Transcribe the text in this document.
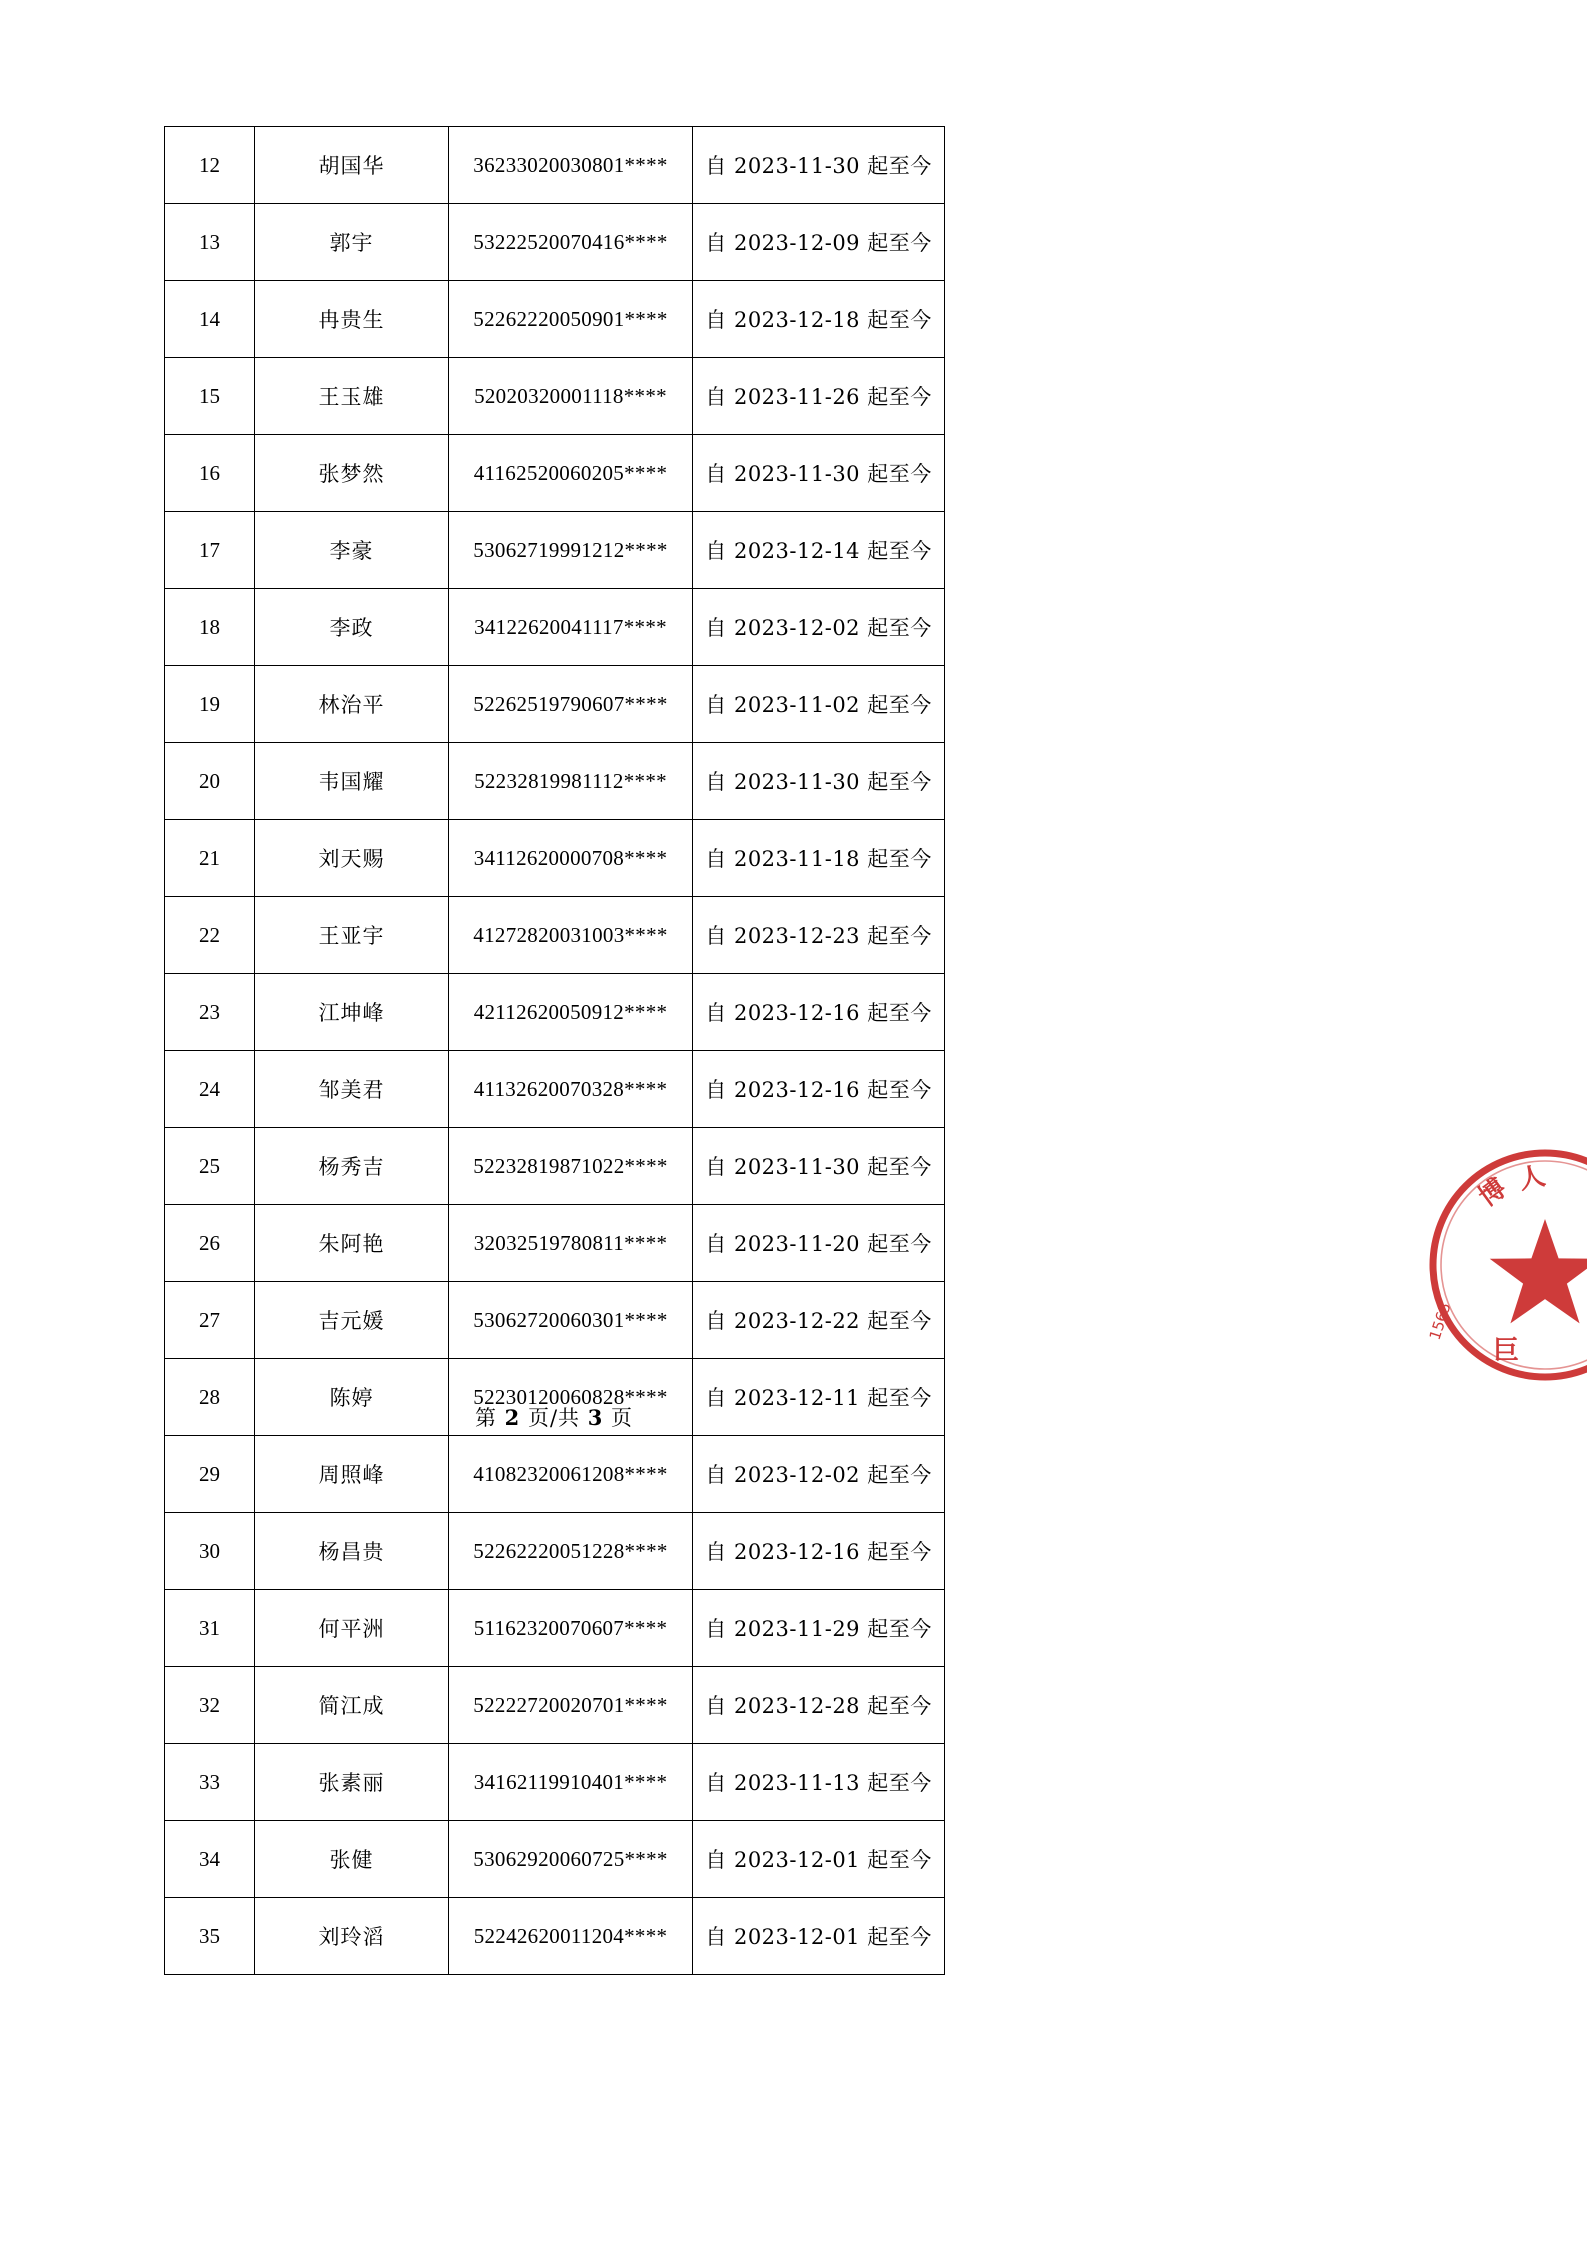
12	胡国华	36233020030801****	自 2023-11-30 起至今
13	郭宇	53222520070416****	自 2023-12-09 起至今
14	冉贵生	52262220050901****	自 2023-12-18 起至今
15	王玉雄	52020320001118****	自 2023-11-26 起至今
16	张梦然	41162520060205****	自 2023-11-30 起至今
17	李豪	53062719991212****	自 2023-12-14 起至今
18	李政	34122620041117****	自 2023-12-02 起至今
19	林治平	52262519790607****	自 2023-11-02 起至今
20	韦国耀	52232819981112****	自 2023-11-30 起至今
21	刘天赐	34112620000708****	自 2023-11-18 起至今
22	王亚宇	41272820031003****	自 2023-12-23 起至今
23	江坤峰	42112620050912****	自 2023-12-16 起至今
24	邹美君	41132620070328****	自 2023-12-16 起至今
25	杨秀吉	52232819871022****	自 2023-11-30 起至今
26	朱阿艳	32032519780811****	自 2023-11-20 起至今
27	吉元媛	53062720060301****	自 2023-12-22 起至今
28	陈婷	52230120060828****	自 2023-12-11 起至今
29	周照峰	41082320061208****	自 2023-12-02 起至今
30	杨昌贵	52262220051228****	自 2023-12-16 起至今
31	何平洲	51162320070607****	自 2023-11-29 起至今
32	简江成	52222720020701****	自 2023-12-28 起至今
33	张素丽	34162119910401****	自 2023-11-13 起至今
34	张健	53062920060725****	自 2023-12-01 起至今
35	刘玲滔	52242620011204****	自 2023-12-01 起至今
第 2 页/共 3 页
博 人
巨
1565
